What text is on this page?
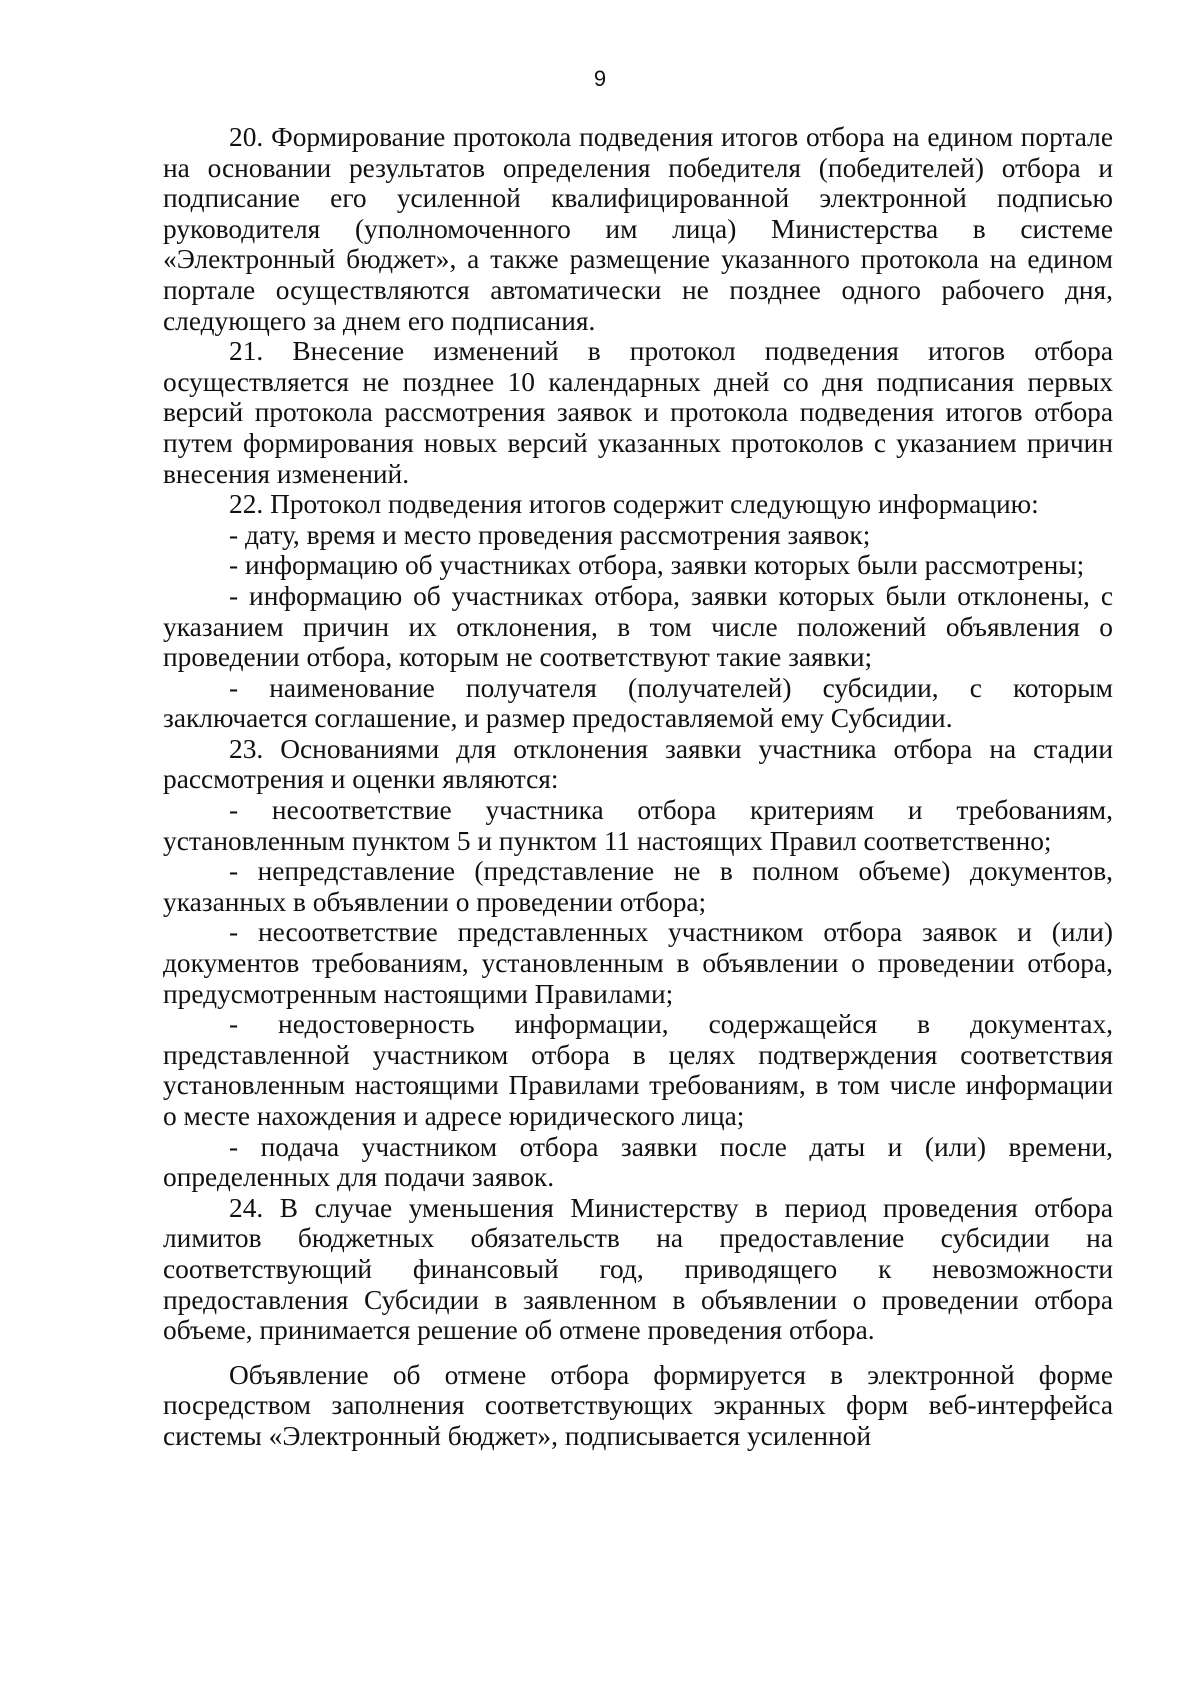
9

20. Формирование протокола подведения итогов отбора на едином портале на основании результатов определения победителя (победителей) отбора и подписание его усиленной квалифицированной электронной подписью руководителя (уполномоченного им лица) Министерства в системе «Электронный бюджет», а также размещение указанного протокола на едином портале осуществляются автоматически не позднее одного рабочего дня, следующего за днем его подписания.

21. Внесение изменений в протокол подведения итогов отбора осуществляется не позднее 10 календарных дней со дня подписания первых версий протокола рассмотрения заявок и протокола подведения итогов отбора путем формирования новых версий указанных протоколов с указанием причин внесения изменений.

22. Протокол подведения итогов содержит следующую информацию:

- дату, время и место проведения рассмотрения заявок;

- информацию об участниках отбора, заявки которых были рассмотрены;

- информацию об участниках отбора, заявки которых были отклонены, с указанием причин их отклонения, в том числе положений объявления о проведении отбора, которым не соответствуют такие заявки;

- наименование получателя (получателей) субсидии, с которым заключается соглашение, и размер предоставляемой ему Субсидии.

23. Основаниями для отклонения заявки участника отбора на стадии рассмотрения и оценки являются:

- несоответствие участника отбора критериям и требованиям, установленным пунктом 5 и пунктом 11 настоящих Правил соответственно;

- непредставление (представление не в полном объеме) документов, указанных в объявлении о проведении отбора;

- несоответствие представленных участником отбора заявок и (или) документов требованиям, установленным в объявлении о проведении отбора, предусмотренным настоящими Правилами;

- недостоверность информации, содержащейся в документах, представленной участником отбора в целях подтверждения соответствия установленным настоящими Правилами требованиям, в том числе информации о месте нахождения и адресе юридического лица;

- подача участником отбора заявки после даты и (или) времени, определенных для подачи заявок.

24. В случае уменьшения Министерству в период проведения отбора лимитов бюджетных обязательств на предоставление субсидии на соответствующий финансовый год, приводящего к невозможности предоставления Субсидии в заявленном в объявлении о проведении отбора объеме, принимается решение об отмене проведения отбора.

Объявление об отмене отбора формируется в электронной форме посредством заполнения соответствующих экранных форм веб-интерфейса системы «Электронный бюджет», подписывается усиленной
